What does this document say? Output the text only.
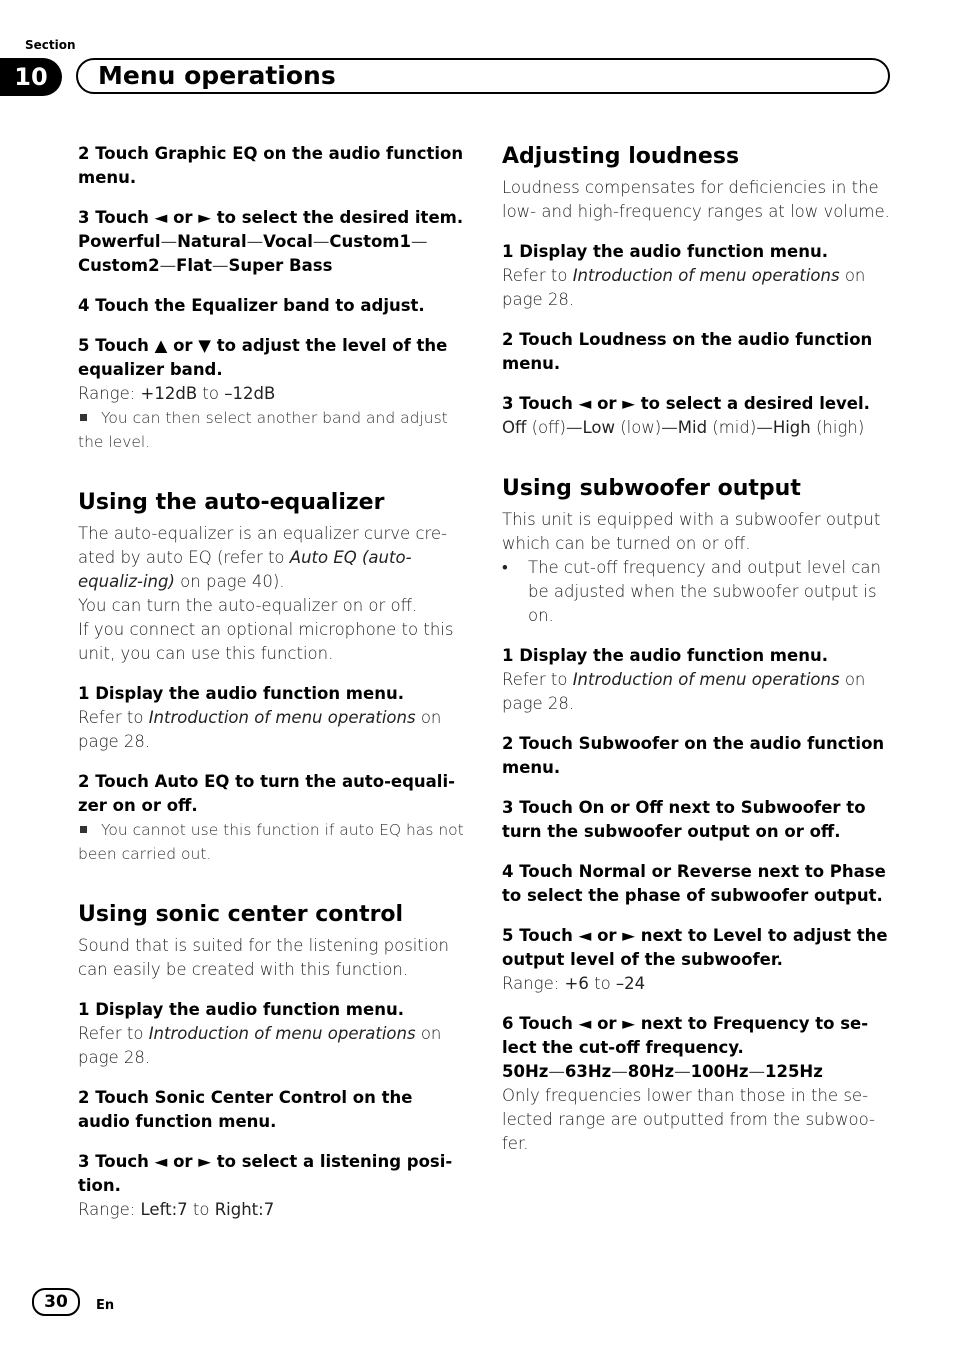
Section
10	Menu operations

2 Touch Graphic EQ on the audio function menu.

3 Touch ◄ or ► to select the desired item.

Powerful—Natural—Vocal—Custom1—Custom2—Flat—Super Bass

4 Touch the Equalizer band to adjust.

5 Touch ▲ or ▼ to adjust the level of the equalizer band.

Range: +12dB to –12dB

You can then select another band and adjust the level.

Using the auto-equalizer

The auto-equalizer is an equalizer curve cre-ated by auto EQ (refer to Auto EQ (auto-equaliz-ing) on page 40).

You can turn the auto-equalizer on or off.

If you connect an optional microphone to this unit, you can use this function.

1 Display the audio function menu.

Refer to Introduction of menu operations on page 28.

2 Touch Auto EQ to turn the auto-equali-zer on or off.

You cannot use this function if auto EQ has not been carried out.

Using sonic center control

Sound that is suited for the listening position can easily be created with this function.

1 Display the audio function menu.

Refer to Introduction of menu operations on page 28.

2 Touch Sonic Center Control on the audio function menu.

3 Touch ◄ or ► to select a listening posi-tion.

Range: Left:7 to Right:7

Adjusting loudness

Loudness compensates for deficiencies in the low- and high-frequency ranges at low volume.

1 Display the audio function menu.

Refer to Introduction of menu operations on page 28.

2 Touch Loudness on the audio function menu.

3 Touch ◄ or ► to select a desired level.

Off (off)—Low (low)—Mid (mid)—High (high)

Using subwoofer output

This unit is equipped with a subwoofer output which can be turned on or off.

• The cut-off frequency and output level can be adjusted when the subwoofer output is on.

1 Display the audio function menu.

Refer to Introduction of menu operations on page 28.

2 Touch Subwoofer on the audio function menu.

3 Touch On or Off next to Subwoofer to turn the subwoofer output on or off.

4 Touch Normal or Reverse next to Phase to select the phase of subwoofer output.

5 Touch ◄ or ► next to Level to adjust the output level of the subwoofer.

Range: +6 to –24

6 Touch ◄ or ► next to Frequency to se-lect the cut-off frequency.

50Hz—63Hz—80Hz—100Hz—125Hz

Only frequencies lower than those in the se-lected range are outputted from the subwoo-fer.

30	En
